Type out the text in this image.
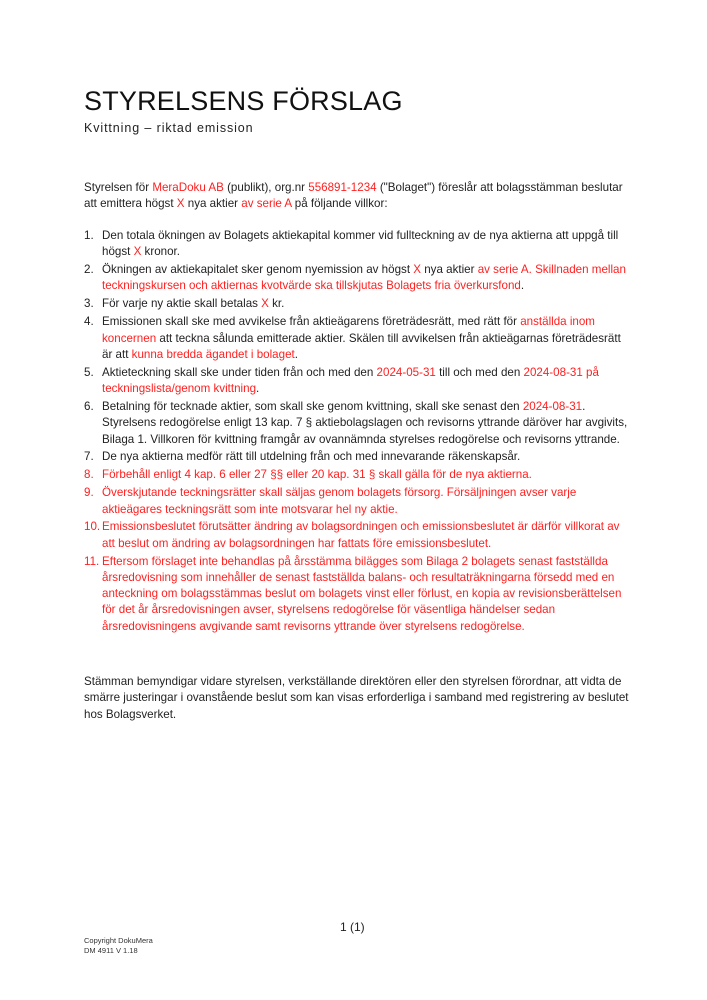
STYRELSENS FÖRSLAG
Kvittning – riktad emission

Styrelsen för MeraDoku AB (publikt), org.nr 556891-1234 ("Bolaget") föreslår att bolagsstämman beslutar att emittera högst X nya aktier av serie A på följande villkor:

1. Den totala ökningen av Bolagets aktiekapital kommer vid fullteckning av de nya aktierna att uppgå till högst X kronor.
2. Ökningen av aktiekapitalet sker genom nyemission av högst X nya aktier av serie A. Skillnaden mellan teckningskursen och aktiernas kvotvärde ska tillskjutas Bolagets fria överkursfond.
3. För varje ny aktie skall betalas X kr.
4. Emissionen skall ske med avvikelse från aktieägarens företrädesrätt, med rätt för anställda inom koncernen att teckna sålunda emitterade aktier. Skälen till avvikelsen från aktieägarnas företrädesrätt är att kunna bredda ägandet i bolaget.
5. Aktieteckning skall ske under tiden från och med den 2024-05-31 till och med den 2024-08-31 på teckningslista/genom kvittning.
6. Betalning för tecknade aktier, som skall ske genom kvittning, skall ske senast den 2024-08-31. Styrelsens redogörelse enligt 13 kap. 7 § aktiebolagslagen och revisorns yttrande däröver har avgivits, Bilaga 1. Villkoren för kvittning framgår av ovannämnda styrelses redogörelse och revisorns yttrande.
7. De nya aktierna medför rätt till utdelning från och med innevarande räkenskapsår.
8. Förbehåll enligt 4 kap. 6 eller 27 §§ eller 20 kap. 31 § skall gälla för de nya aktierna.
9. Överskjutande teckningsrätter skall säljas genom bolagets försorg. Försäljningen avser varje aktieägares teckningsrätt som inte motsvarar hel ny aktie.
10. Emissionsbeslutet förutsätter ändring av bolagsordningen och emissionsbeslutet är därför villkorat av att beslut om ändring av bolagsordningen har fattats före emissionsbeslutet.
11. Eftersom förslaget inte behandlas på årsstämma bilägges som Bilaga 2 bolagets senast fastställda årsredovisning som innehåller de senast fastställda balans- och resultaträkningarna försedd med en anteckning om bolagsstämmas beslut om bolagets vinst eller förlust, en kopia av revisionsberättelsen för det år årsredovisningen avser, styrelsens redogörelse för väsentliga händelser sedan årsredovisningens avgivande samt revisorns yttrande över styrelsens redogörelse.

Stämman bemyndigar vidare styrelsen, verkställande direktören eller den styrelsen förordnar, att vidta de smärre justeringar i ovanstående beslut som kan visas erforderliga i samband med registrering av beslutet hos Bolagsverket.

1 (1)
Copyright DokuMera
DM 4911 V 1.18
